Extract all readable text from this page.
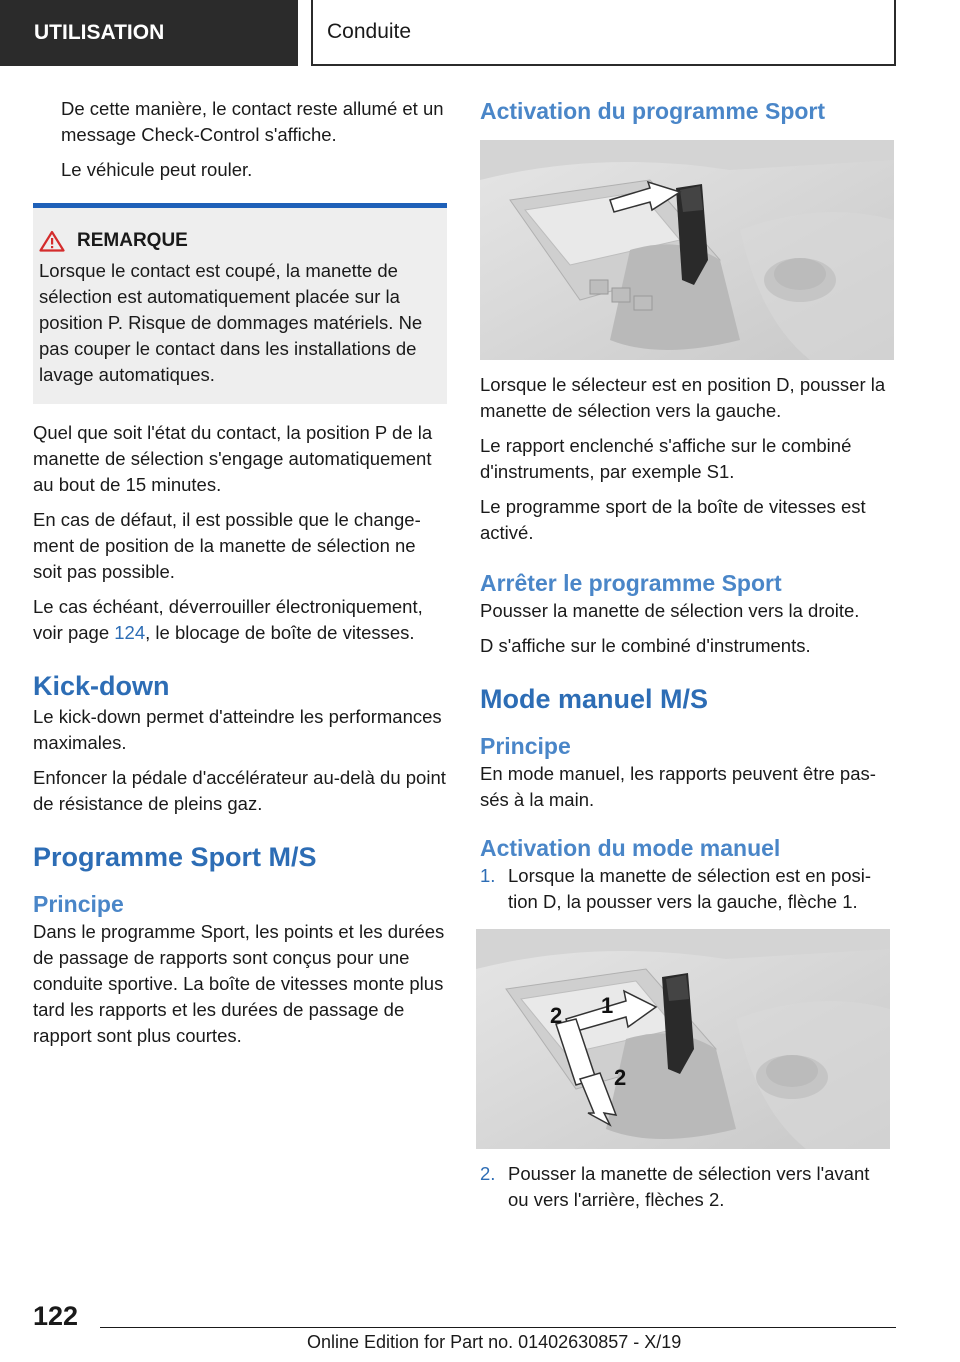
UTILISATION	Conduite

De cette manière, le contact reste allumé et un message Check-Control s'affiche.

Le véhicule peut rouler.

REMARQUE

Lorsque le contact est coupé, la manette de sélection est automatiquement placée sur la position P. Risque de dommages matériels. Ne pas couper le contact dans les installations de lavage automatiques.

Quel que soit l'état du contact, la position P de la manette de sélection s'engage automatiquement au bout de 15 minutes.

En cas de défaut, il est possible que le changement de position de la manette de sélection ne soit pas possible.

Le cas échéant, déverrouiller électroniquement, voir page 124, le blocage de boîte de vitesses.

Kick-down

Le kick-down permet d'atteindre les performances maximales.

Enfoncer la pédale d'accélérateur au-delà du point de résistance de pleins gaz.

Programme Sport M/S
Principe

Dans le programme Sport, les points et les durées de passage de rapports sont conçus pour une conduite sportive. La boîte de vitesses monte plus tard les rapports et les durées de passage de rapport sont plus courtes.

Activation du programme Sport

Lorsque le sélecteur est en position D, pousser la manette de sélection vers la gauche.

Le rapport enclenché s'affiche sur le combiné d'instruments, par exemple S1.

Le programme sport de la boîte de vitesses est activé.

Arrêter le programme Sport

Pousser la manette de sélection vers la droite.

D s'affiche sur le combiné d'instruments.

Mode manuel M/S
Principe

En mode manuel, les rapports peuvent être passés à la main.

Activation du mode manuel
1. Lorsque la manette de sélection est en position D, la pousser vers la gauche, flèche 1.
1
2
2
2. Pousser la manette de sélection vers l'avant ou vers l'arrière, flèches 2.
122
Online Edition for Part no. 01402630857 - X/19
